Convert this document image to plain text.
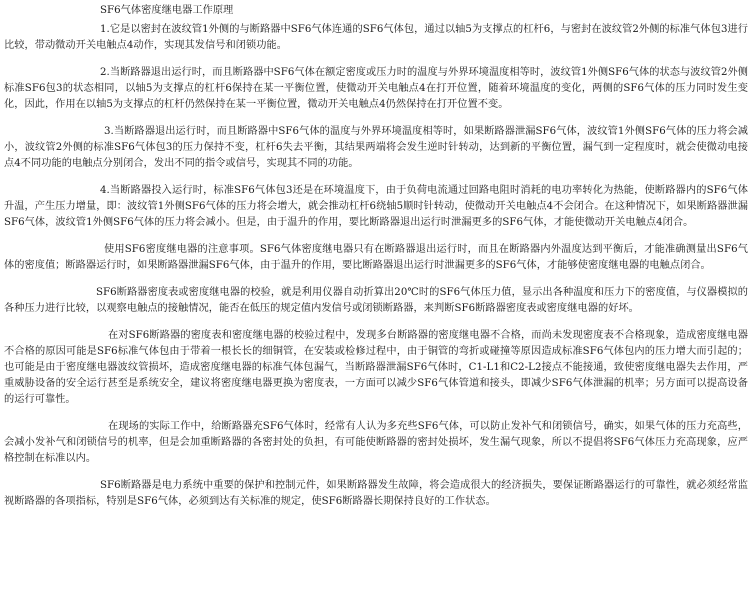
SF6气体密度继电器工作原理

1.它是以密封在波纹管1外侧的与断路器中SF6气体连通的SF6气体包，通过以轴5为支撑点的杠杆6，与密封在波纹管2外侧的标准气体包3进行比较，带动微动开关电触点4动作，实现其发信号和闭锁功能。

2.当断路器退出运行时，而且断路器中SF6气体在额定密度或压力时的温度与外界环境温度相等时，波纹管1外侧SF6气体的状态与波纹管2外侧标准SF6包3的状态相同，以轴5为支撑点的杠杆6保持在某一平衡位置，使微动开关电触点4在打开位置，随着环境温度的变化，两侧的SF6气体的压力同时发生变化，因此，作用在以轴5为支撑点的杠杆仍然保持在某一平衡位置，微动开关电触点4仍然保持在打开位置不变。

3.当断路器退出运行时，而且断路器中SF6气体的温度与外界环境温度相等时，如果断路器泄漏SF6气体，波纹管1外侧SF6气体的压力将会减小，波纹管2外侧的标准SF6气体包3的压力保持不变，杠杆6失去平衡，其结果两端将会发生逆时针转动，达到新的平衡位置，漏气到一定程度时，就会使微动电接点4不同功能的电触点分别闭合，发出不同的指令或信号，实现其不同的功能。

4.当断路器投入运行时，标准SF6气体包3还是在环境温度下，由于负荷电流通过回路电阻时消耗的电功率转化为热能，使断路器内的SF6气体升温，产生压力增量，即：波纹管1外侧SF6气体的压力将会增大，就会推动杠杆6绕轴5顺时针转动，使微动开关电触点4不会闭合。在这种情况下，如果断路器泄漏SF6气体，波纹管1外侧SF6气体的压力将会减小。但是，由于温升的作用，要比断路器退出运行时泄漏更多的SF6气体，才能使微动开关电触点4闭合。

使用SF6密度继电器的注意事项。SF6气体密度继电器只有在断路器退出运行时，而且在断路器内外温度达到平衡后，才能准确测量出SF6气体的密度值；断路器运行时，如果断路器泄漏SF6气体，由于温升的作用，要比断路器退出运行时泄漏更多的SF6气体，才能够使密度继电器的电触点闭合。

SF6断路器密度表或密度继电器的校验，就是利用仪器自动折算出20℃时的SF6气体压力值，显示出各种温度和压力下的密度值，与仪器模拟的各种压力进行比较，以观察电触点的接触情况，能否在低压的规定值内发信号或闭锁断路器，来判断SF6断路器密度表或密度继电器的好坏。

在对SF6断路器的密度表和密度继电器的校验过程中，发现多台断路器的密度继电器不合格，而尚未发现密度表不合格现象，造成密度继电器不合格的原因可能是SF6标准气体包由于带着一根长长的细铜管，在安装或检修过程中，由于铜管的弯折或碰撞等原因造成标准SF6气体包内的压力增大而引起的；也可能是由于密度继电器波纹管损坏，造成密度继电器的标准气体包漏气，当断路器泄漏SF6气体时，C1-L1和C2-L2接点不能接通，致使密度继电器失去作用，严重威胁设备的安全运行甚至是系统安全，建议将密度继电器更换为密度表，一方面可以减少SF6气体管道和接头，即减少SF6气体泄漏的机率；另方面可以提高设备的运行可靠性。

在现场的实际工作中，给断路器充SF6气体时，经常有人认为多充些SF6气体，可以防止发补气和闭锁信号，确实，如果气体的压力充高些，会减小发补气和闭锁信号的机率，但是会加重断路器的各密封处的负担，有可能使断路器的密封处损坏，发生漏气现象，所以不提倡将SF6气体压力充高现象，应严格控制在标准以内。

SF6断路器是电力系统中重要的保护和控制元件，如果断路器发生故障，将会造成很大的经济损失，要保证断路器运行的可靠性，就必须经常监视断路器的各项指标，特别是SF6气体，必须到达有关标准的规定，使SF6断路器长期保持良好的工作状态。
